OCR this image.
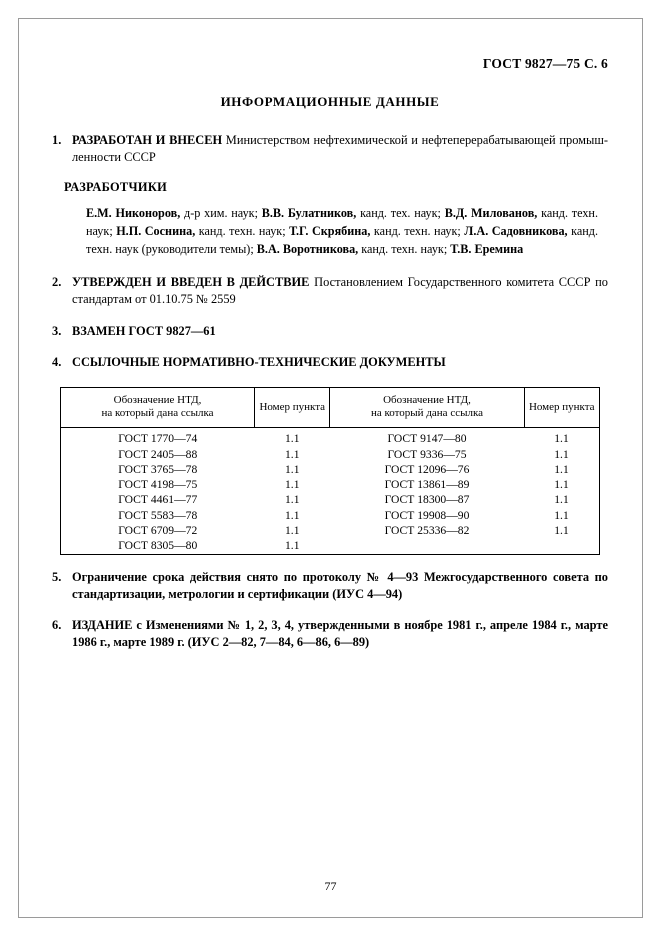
ГОСТ 9827—75 С. 6
ИНФОРМАЦИОННЫЕ ДАННЫЕ
1. РАЗРАБОТАН И ВНЕСЕН Министерством нефтехимической и нефтеперерабатывающей промышленности СССР
РАЗРАБОТЧИКИ
Е.М. Никоноров, д-р хим. наук; В.В. Булатников, канд. тех. наук; В.Д. Милованов, канд. техн. наук; Н.П. Соснина, канд. техн. наук; Т.Г. Скрябина, канд. техн. наук; Л.А. Садовникова, канд. техн. наук (руководители темы); В.А. Воротникова, канд. техн. наук; Т.В. Еремина
2. УТВЕРЖДЕН И ВВЕДЕН В ДЕЙСТВИЕ Постановлением Государственного комитета СССР по стандартам от 01.10.75 № 2559
3. ВЗАМЕН ГОСТ 9827—61
4. ССЫЛОЧНЫЕ НОРМАТИВНО-ТЕХНИЧЕСКИЕ ДОКУМЕНТЫ
Обозначение НТД,
на который дана ссылка	Номер пункта	Обозначение НТД,
на который дана ссылка	Номер пункта
ГОСТ 1770—74	1.1	ГОСТ 9147—80	1.1
ГОСТ 2405—88	1.1	ГОСТ 9336—75	1.1
ГОСТ 3765—78	1.1	ГОСТ 12096—76	1.1
ГОСТ 4198—75	1.1	ГОСТ 13861—89	1.1
ГОСТ 4461—77	1.1	ГОСТ 18300—87	1.1
ГОСТ 5583—78	1.1	ГОСТ 19908—90	1.1
ГОСТ 6709—72	1.1	ГОСТ 25336—82	1.1
ГОСТ 8305—80	1.1		
5. Ограничение срока действия снято по протоколу № 4—93 Межгосударственного совета по стандартизации, метрологии и сертификации (ИУС 4—94)
6. ИЗДАНИЕ с Изменениями № 1, 2, 3, 4, утвержденными в ноябре 1981 г., апреле 1984 г., марте 1986 г., марте 1989 г. (ИУС 2—82, 7—84, 6—86, 6—89)
77
